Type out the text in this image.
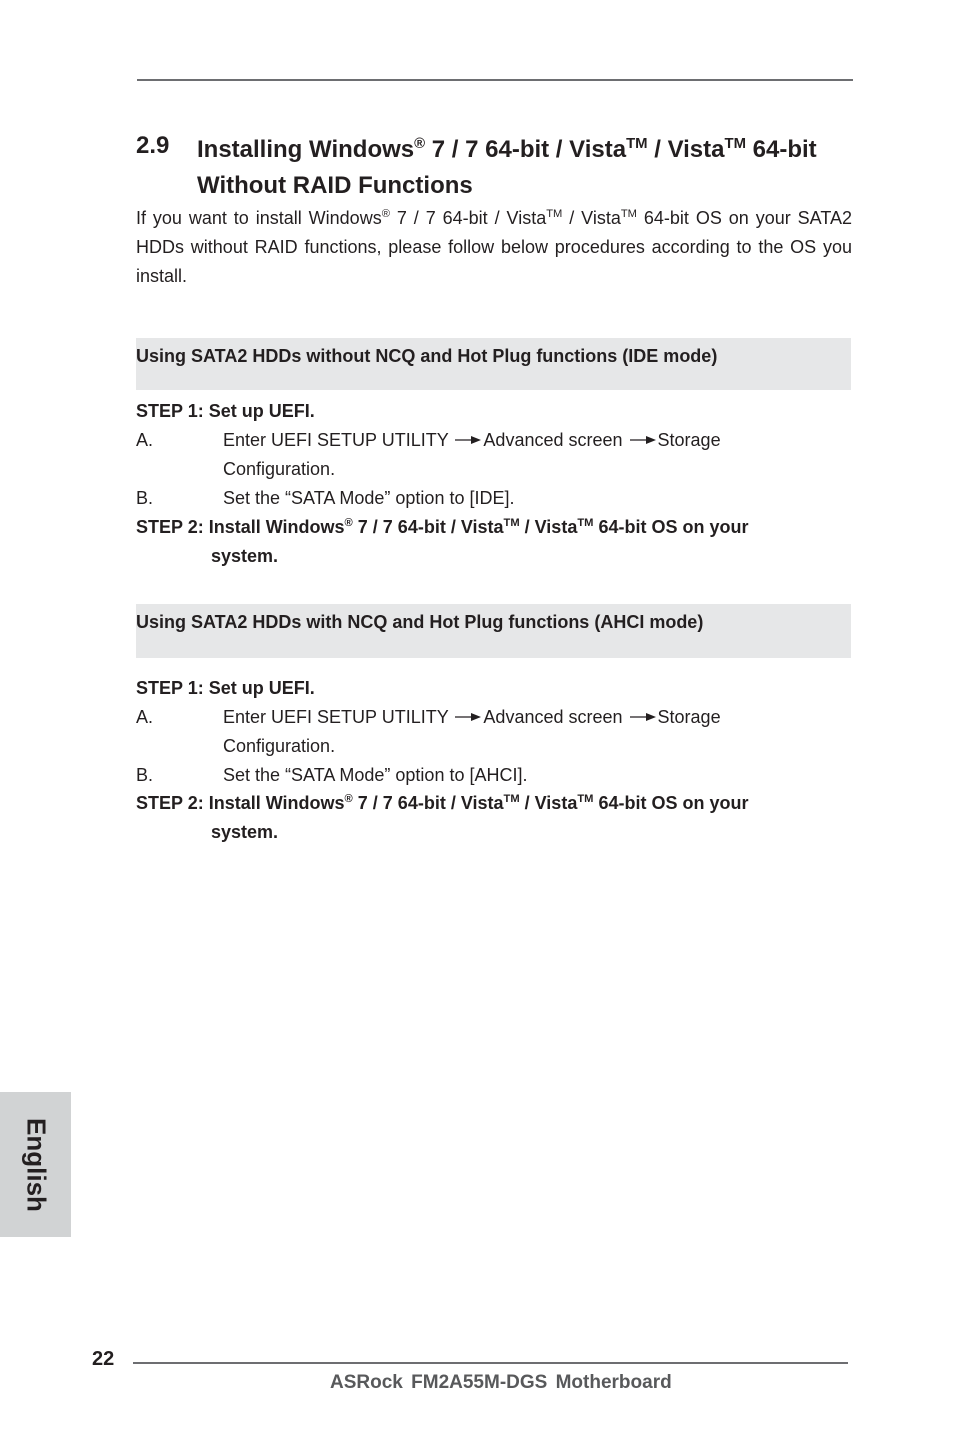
2.9 Installing Windows® 7 / 7 64-bit / Vista™ / Vista™ 64-bit
Without RAID Functions
If you want to install Windows® 7 / 7 64-bit / Vista™ / Vista™ 64-bit OS on your SATA2 HDDs without RAID functions, please follow below procedures according to the OS you install.
Using SATA2 HDDs without NCQ and Hot Plug functions (IDE mode)
STEP 1: Set up UEFI.
A.	Enter UEFI SETUP UTILITY Advanced screen Storage
Configuration.
B.	Set the “SATA Mode” option to [IDE].
STEP 2: Install Windows® 7 / 7 64-bit / Vista™ / Vista™ 64-bit OS on your
system.
Using SATA2 HDDs with NCQ and Hot Plug functions (AHCI mode)
STEP 1: Set up UEFI.
A.	Enter UEFI SETUP UTILITY Advanced screen Storage
Configuration.
B.	Set the “SATA Mode” option to [AHCI].
STEP 2: Install Windows® 7 / 7 64-bit / Vista™ / Vista™ 64-bit OS on your
system.
English
22
ASRock FM2A55M-DGS Motherboard
